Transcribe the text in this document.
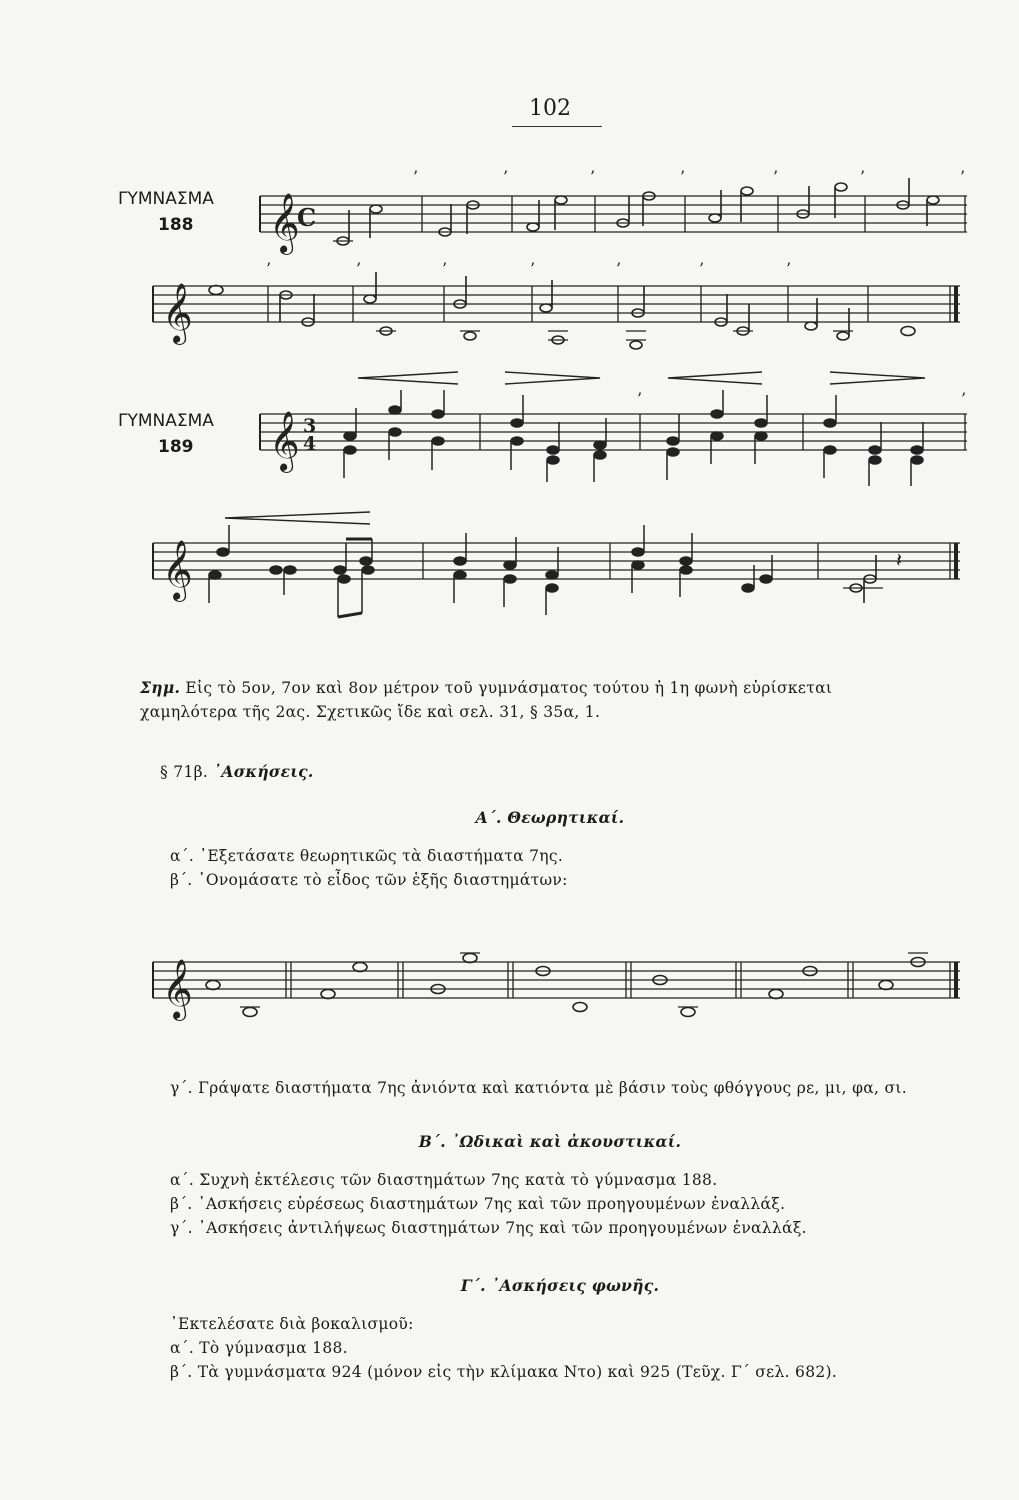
102
ΓΥΜΝΑΣΜΑ
188	𝄞
C
’	’	’	’	’	’	’
𝄞
’	’	’	’	’	’	’
ΓΥΜΝΑΣΜΑ
189	𝄞 3
4
’	’
𝄞	𝄽
Σημ. Εἰς τὸ 5ον, 7ον καὶ 8ον μέτρον τοῦ γυμνάσματος τούτου ἡ 1η φωνὴ εὑρίσκεται
χαμηλότερα τῆς 2ας. Σχετικῶς ἴδε καὶ σελ. 31, § 35α, 1.
§ 71β. ᾿Ασκήσεις.
Α΄. Θεωρητικαί.
α΄. ᾿Εξετάσατε θεωρητικῶς τὰ διαστήματα 7ης.
β΄. ᾿Ονομάσατε τὸ εἶδος τῶν ἑξῆς διαστημάτων:
𝄞
γ΄. Γράψατε διαστήματα 7ης ἀνιόντα καὶ κατιόντα μὲ βάσιν τοὺς φθόγγους ρε, μι, φα, σι.
Β΄. ᾿Ωδικαὶ καὶ ἀκουστικαί.
α΄. Συχνὴ ἐκτέλεσις τῶν διαστημάτων 7ης κατὰ τὸ γύμνασμα 188.
β΄. ᾿Ασκήσεις εὑρέσεως διαστημάτων 7ης καὶ τῶν προηγουμένων ἐναλλάξ.
γ΄. ᾿Ασκήσεις ἀντιλήψεως διαστημάτων 7ης καὶ τῶν προηγουμένων ἐναλλάξ.
Γ΄. ᾿Ασκήσεις φωνῆς.
᾿Εκτελέσατε διὰ βοκαλισμοῦ:
α΄. Τὸ γύμνασμα 188.
β΄. Τὰ γυμνάσματα 924 (μόνον εἰς τὴν κλίμακα Ντο) καὶ 925 (Τεῦχ. Γ΄ σελ. 682).
